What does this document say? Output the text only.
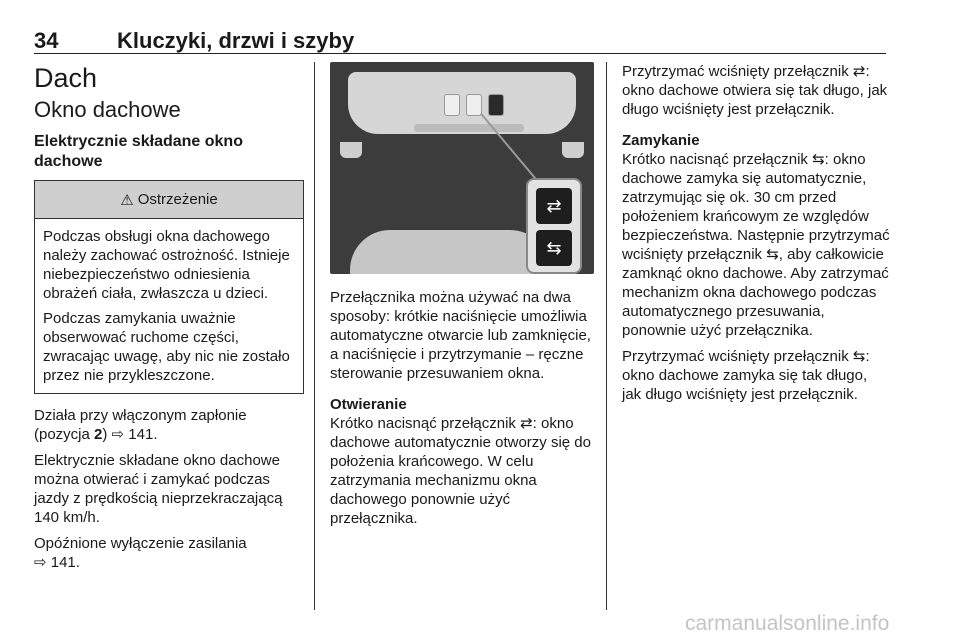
34	Kluczyki, drzwi i szyby
Dach
Okno dachowe
Elektrycznie składane okno dachowe
⚠ Ostrzeżenie

Podczas obsługi okna dachowego należy zachować ostrożność. Istnieje niebezpieczeństwo odniesienia obrażeń ciała, zwłaszcza u dzieci.

Podczas zamykania uważnie obserwować ruchome części, zwracając uwagę, aby nic nie zostało przez nie przykleszczone.

Działa przy włączonym zapłonie (pozycja 2) ⇨ 141.

Elektrycznie składane okno dachowe można otwierać i zamykać podczas jazdy z prędkością nieprzekraczającą 140 km/h.

Opóźnione wyłączenie zasilania
⇨ 141.

⇄
⇆

Przełącznika można używać na dwa sposoby: krótkie naciśnięcie umożliwia automatyczne otwarcie lub zamknięcie, a naciśnięcie i przytrzymanie – ręczne sterowanie przesuwaniem okna.

Otwieranie

Krótko nacisnąć przełącznik ⇄: okno dachowe automatycznie otworzy się do położenia krańcowego. W celu zatrzymania mechanizmu okna dachowego ponownie użyć przełącznika.

Przytrzymać wciśnięty przełącznik ⇄: okno dachowe otwiera się tak długo, jak długo wciśnięty jest przełącznik.

Zamykanie

Krótko nacisnąć przełącznik ⇆: okno dachowe zamyka się automatycznie, zatrzymując się ok. 30 cm przed położeniem krańcowym ze względów bezpieczeństwa. Następnie przytrzymać wciśnięty przełącznik ⇆, aby całkowicie zamknąć okno dachowe. Aby zatrzymać mechanizm okna dachowego podczas automatycznego przesuwania, ponownie użyć przełącznika.

Przytrzymać wciśnięty przełącznik ⇆: okno dachowe zamyka się tak długo, jak długo wciśnięty jest przełącznik.

carmanualsonline.info
